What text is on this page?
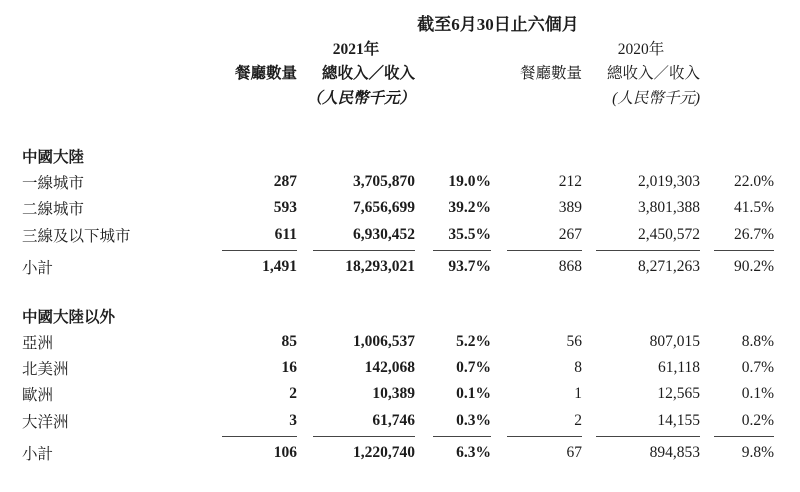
截至6月30日止六個月
		2021年			2020年	
	餐廳數量	總收入／收入		餐廳數量	總收入／收入	
		（人民幣千元）			(人民幣千元)	

中國大陸						
一線城市	287	3,705,870	19.0%	212	2,019,303	22.0%
二線城市	593	7,656,699	39.2%	389	3,801,388	41.5%
三線及以下城市	611	6,930,452	35.5%	267	2,450,572	26.7%

小計	1,491	18,293,021	93.7%	868	8,271,263	90.2%

中國大陸以外						
亞洲	85	1,006,537	5.2%	56	807,015	8.8%
北美洲	16	142,068	0.7%	8	61,118	0.7%
歐洲	2	10,389	0.1%	1	12,565	0.1%
大洋洲	3	61,746	0.3%	2	14,155	0.2%

小計	106	1,220,740	6.3%	67	894,853	9.8%
